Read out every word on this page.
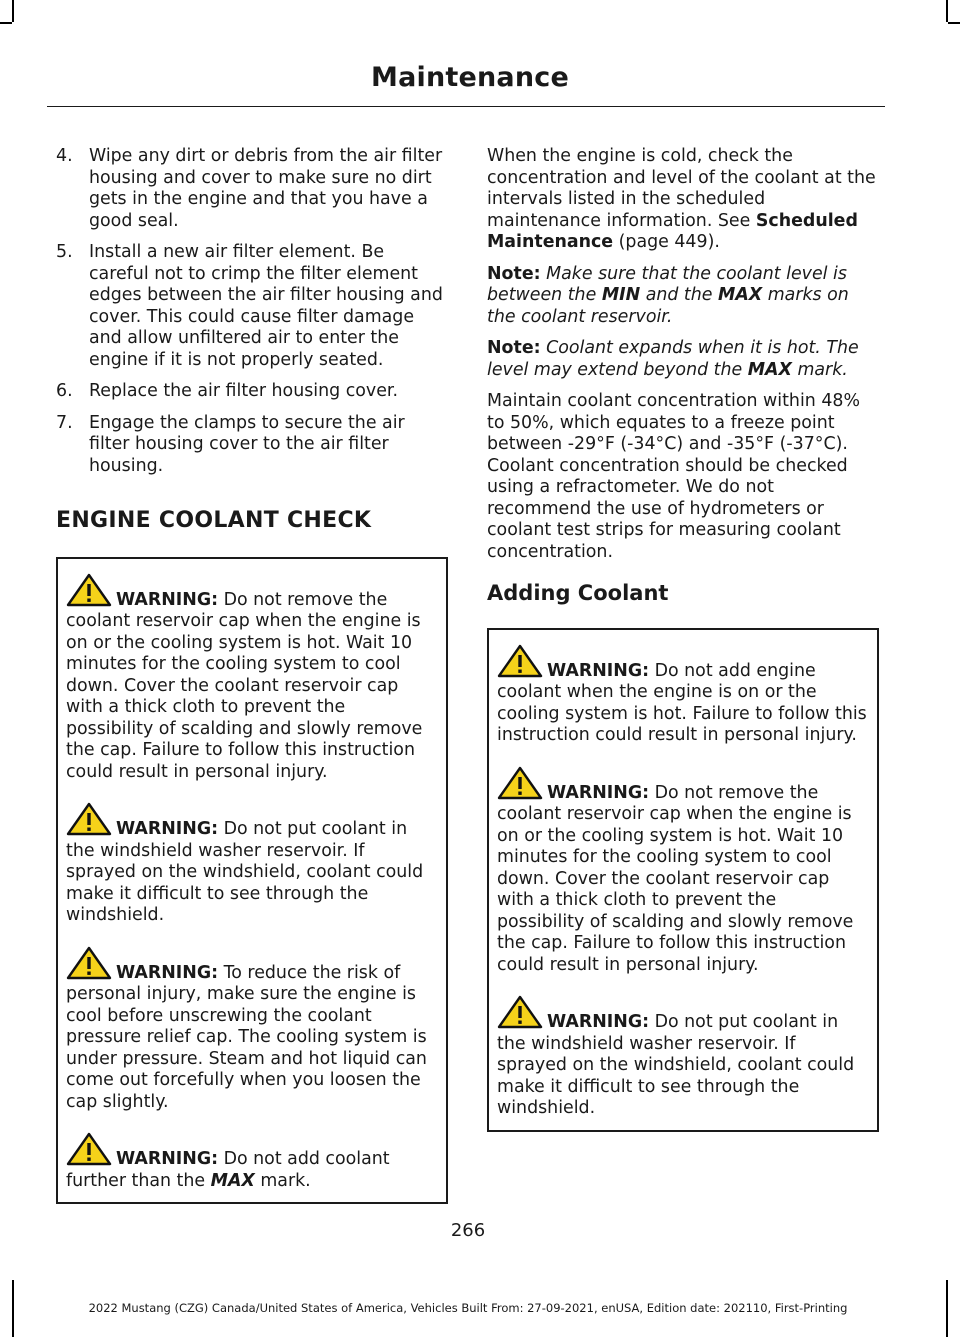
Maintenance
4. Wipe any dirt or debris from the air filter housing and cover to make sure no dirt gets in the engine and that you have a good seal.
5. Install a new air filter element. Be careful not to crimp the filter element edges between the air filter housing and cover. This could cause filter damage and allow unfiltered air to enter the engine if it is not properly seated.
6. Replace the air filter housing cover.
7. Engage the clamps to secure the air filter housing cover to the air filter housing.
ENGINE COOLANT CHECK
WARNING: Do not remove the coolant reservoir cap when the engine is on or the cooling system is hot. Wait 10 minutes for the cooling system to cool down. Cover the coolant reservoir cap with a thick cloth to prevent the possibility of scalding and slowly remove the cap. Failure to follow this instruction could result in personal injury.
WARNING: Do not put coolant in the windshield washer reservoir. If sprayed on the windshield, coolant could make it difficult to see through the windshield.
WARNING: To reduce the risk of personal injury, make sure the engine is cool before unscrewing the coolant pressure relief cap. The cooling system is under pressure. Steam and hot liquid can come out forcefully when you loosen the cap slightly.
WARNING: Do not add coolant further than the MAX mark.

When the engine is cold, check the concentration and level of the coolant at the intervals listed in the scheduled maintenance information. See Scheduled Maintenance (page 449).

Note: Make sure that the coolant level is between the MIN and the MAX marks on the coolant reservoir.

Note: Coolant expands when it is hot. The level may extend beyond the MAX mark.

Maintain coolant concentration within 48% to 50%, which equates to a freeze point between -29°F (-34°C) and -35°F (-37°C). Coolant concentration should be checked using a refractometer. We do not recommend the use of hydrometers or coolant test strips for measuring coolant concentration.

Adding Coolant
WARNING: Do not add engine coolant when the engine is on or the cooling system is hot. Failure to follow this instruction could result in personal injury.
WARNING: Do not remove the coolant reservoir cap when the engine is on or the cooling system is hot. Wait 10 minutes for the cooling system to cool down. Cover the coolant reservoir cap with a thick cloth to prevent the possibility of scalding and slowly remove the cap. Failure to follow this instruction could result in personal injury.
WARNING: Do not put coolant in the windshield washer reservoir. If sprayed on the windshield, coolant could make it difficult to see through the windshield.
266
2022 Mustang (CZG) Canada/United States of America, Vehicles Built From: 27-09-2021, enUSA, Edition date: 202110, First-Printing
